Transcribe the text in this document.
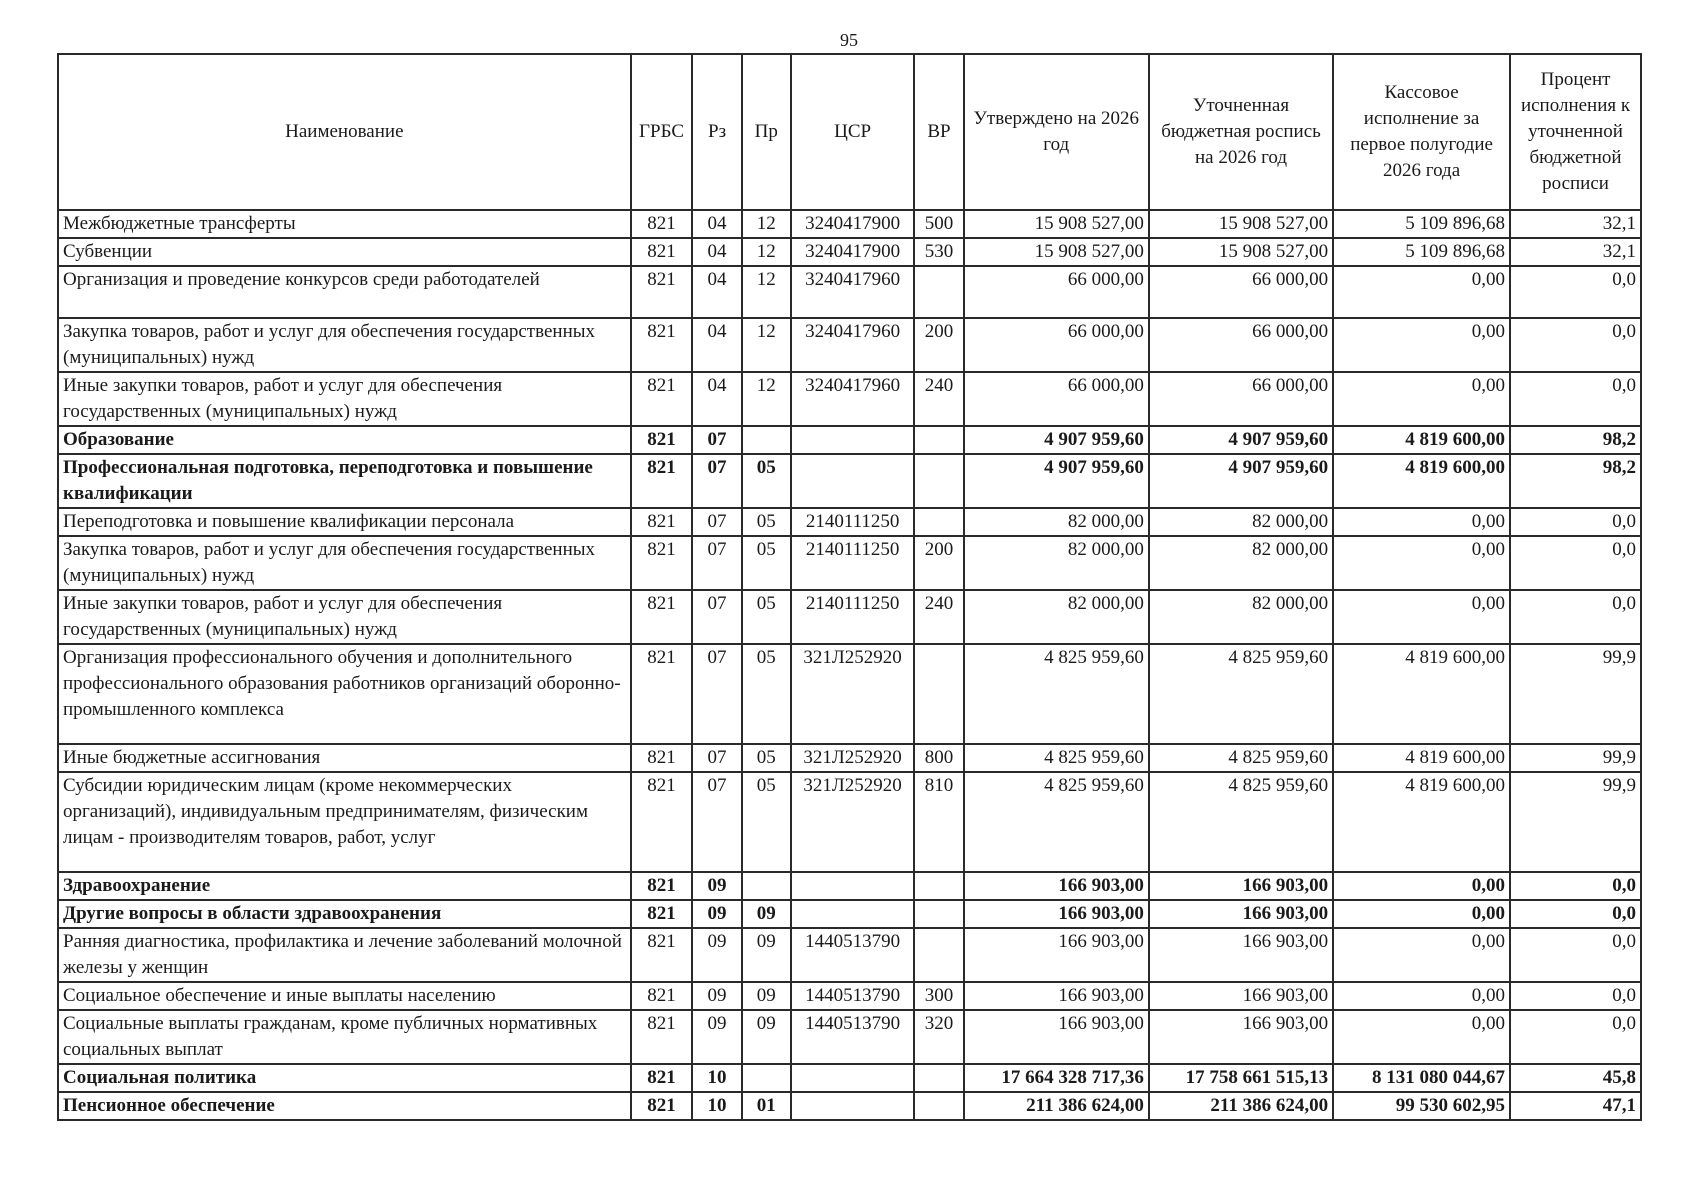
95
Наименование	ГРБС	Рз	Пр	ЦСР	ВР	Утверждено на 2026 год	Уточненная бюджетная роспись на 2026 год	Кассовое исполнение за первое полугодие 2026 года	Процент исполнения к уточненной бюджетной росписи
Межбюджетные трансферты	821	04	12	3240417900	500	15 908 527,00	15 908 527,00	5 109 896,68	32,1
Субвенции	821	04	12	3240417900	530	15 908 527,00	15 908 527,00	5 109 896,68	32,1
Организация и проведение конкурсов среди работодателей	821	04	12	3240417960		66 000,00	66 000,00	0,00	0,0
Закупка товаров, работ и услуг для обеспечения государственных (муниципальных) нужд	821	04	12	3240417960	200	66 000,00	66 000,00	0,00	0,0
Иные закупки товаров, работ и услуг для обеспечения государственных (муниципальных) нужд	821	04	12	3240417960	240	66 000,00	66 000,00	0,00	0,0
Образование	821	07				4 907 959,60	4 907 959,60	4 819 600,00	98,2
Профессиональная подготовка, переподготовка и повышение квалификации	821	07	05			4 907 959,60	4 907 959,60	4 819 600,00	98,2
Переподготовка и повышение квалификации персонала	821	07	05	2140111250		82 000,00	82 000,00	0,00	0,0
Закупка товаров, работ и услуг для обеспечения государственных (муниципальных) нужд	821	07	05	2140111250	200	82 000,00	82 000,00	0,00	0,0
Иные закупки товаров, работ и услуг для обеспечения государственных (муниципальных) нужд	821	07	05	2140111250	240	82 000,00	82 000,00	0,00	0,0
Организация профессионального обучения и дополнительного профессионального образования работников организаций оборонно-промышленного комплекса	821	07	05	321Л252920		4 825 959,60	4 825 959,60	4 819 600,00	99,9
Иные бюджетные ассигнования	821	07	05	321Л252920	800	4 825 959,60	4 825 959,60	4 819 600,00	99,9
Субсидии юридическим лицам (кроме некоммерческих организаций), индивидуальным предпринимателям, физическим лицам - производителям товаров, работ, услуг	821	07	05	321Л252920	810	4 825 959,60	4 825 959,60	4 819 600,00	99,9
Здравоохранение	821	09				166 903,00	166 903,00	0,00	0,0
Другие вопросы в области здравоохранения	821	09	09			166 903,00	166 903,00	0,00	0,0
Ранняя диагностика, профилактика и лечение заболеваний молочной железы у женщин	821	09	09	1440513790		166 903,00	166 903,00	0,00	0,0
Социальное обеспечение и иные выплаты населению	821	09	09	1440513790	300	166 903,00	166 903,00	0,00	0,0
Социальные выплаты гражданам, кроме публичных нормативных социальных выплат	821	09	09	1440513790	320	166 903,00	166 903,00	0,00	0,0
Социальная политика	821	10				17 664 328 717,36	17 758 661 515,13	8 131 080 044,67	45,8
Пенсионное обеспечение	821	10	01			211 386 624,00	211 386 624,00	99 530 602,95	47,1
